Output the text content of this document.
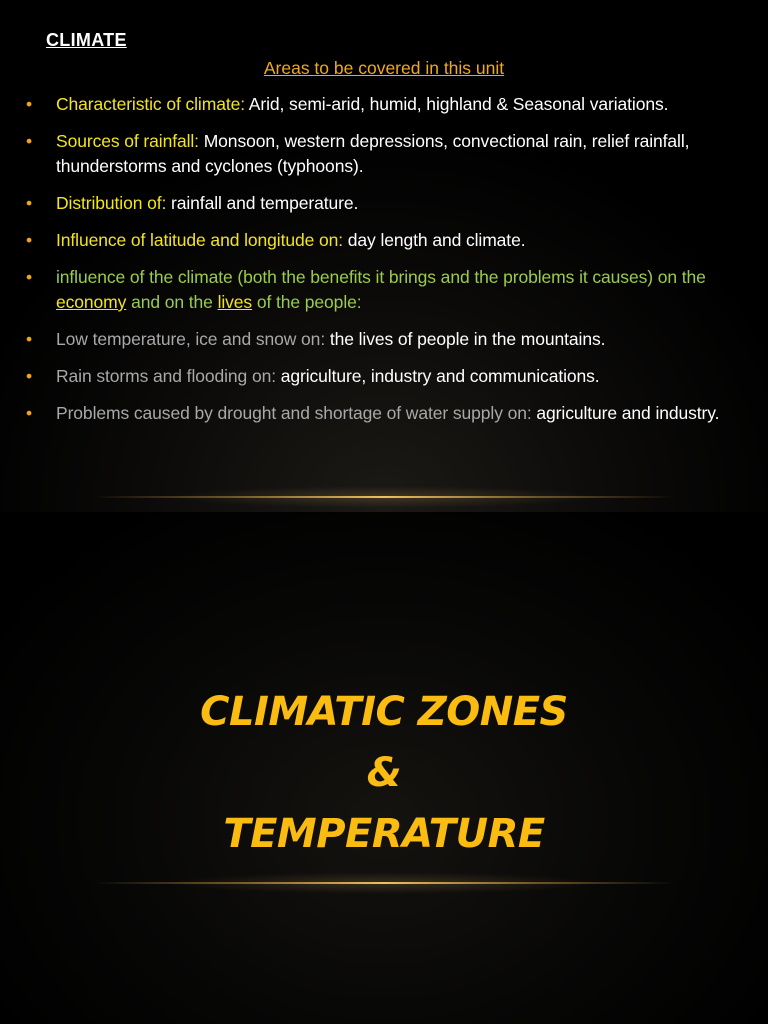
CLIMATE
Areas to be covered in this unit
• Characteristic of climate: Arid, semi-arid, humid, highland & Seasonal variations.
• Sources of rainfall: Monsoon, western depressions, convectional rain, relief rainfall, thunderstorms and cyclones (typhoons).
• Distribution of: rainfall and temperature.
• Influence of latitude and longitude on: day length and climate.
• influence of the climate (both the benefits it brings and the problems it causes) on the economy and on the lives of the people:
• Low temperature, ice and snow on: the lives of people in the mountains.
• Rain storms and flooding on: agriculture, industry and communications.
• Problems caused by drought and shortage of water supply on: agriculture and industry.
CLIMATIC ZONES
&
TEMPERATURE
